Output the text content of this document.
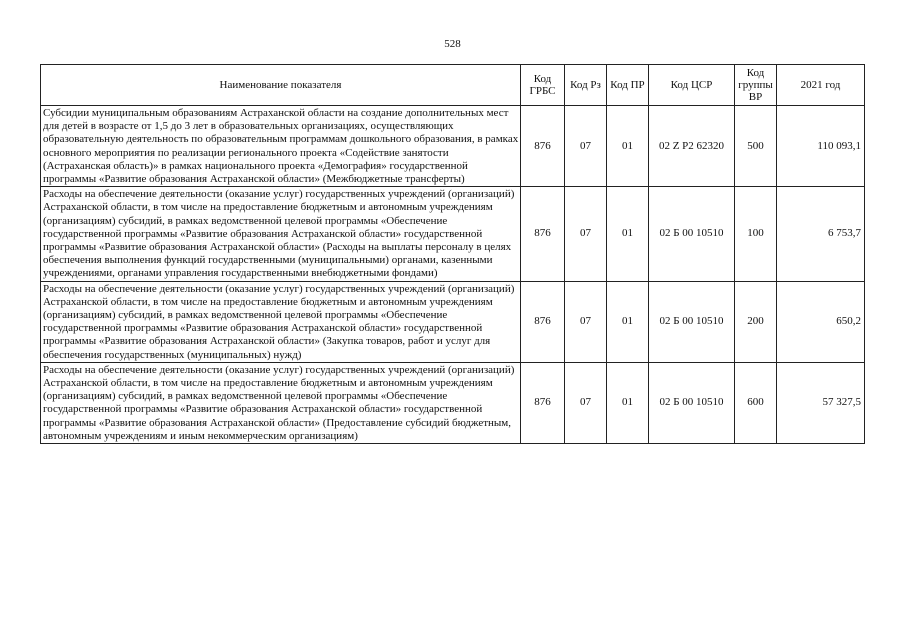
528
Наименование показателя	Код ГРБС	Код Рз	Код ПР	Код ЦСР	Код группы ВР	2021 год
Субсидии муниципальным образованиям Астраханской области на создание дополнительных мест для детей в возрасте от 1,5 до 3 лет в образовательных организациях, осуществляющих образовательную деятельность по образовательным программам дошкольного образования, в рамках основного мероприятия по реализации регионального проекта «Содействие занятости (Астраханская область)» в рамках национального проекта «Демография» государственной программы «Развитие образования Астраханской области» (Межбюджетные трансферты)	876	07	01	02 Z P2 62320	500	110 093,1
Расходы на обеспечение деятельности (оказание услуг) государственных учреждений (организаций) Астраханской области, в том числе на предоставление бюджетным и автономным учреждениям (организациям) субсидий, в рамках ведомственной целевой программы «Обеспечение государственной программы «Развитие образования Астраханской области» государственной программы «Развитие образования Астраханской области» (Расходы на выплаты персоналу в целях обеспечения выполнения функций государственными (муниципальными) органами, казенными учреждениями, органами управления государственными внебюджетными фондами)	876	07	01	02 Б 00 10510	100	6 753,7
Расходы на обеспечение деятельности (оказание услуг) государственных учреждений (организаций) Астраханской области, в том числе на предоставление бюджетным и автономным учреждениям (организациям) субсидий, в рамках ведомственной целевой программы «Обеспечение государственной программы «Развитие образования Астраханской области» государственной программы «Развитие образования Астраханской области» (Закупка товаров, работ и услуг для обеспечения государственных (муниципальных) нужд)	876	07	01	02 Б 00 10510	200	650,2
Расходы на обеспечение деятельности (оказание услуг) государственных учреждений (организаций) Астраханской области, в том числе на предоставление бюджетным и автономным учреждениям (организациям) субсидий, в рамках ведомственной целевой программы «Обеспечение государственной программы «Развитие образования Астраханской области» государственной программы «Развитие образования Астраханской области» (Предоставление субсидий бюджетным, автономным учреждениям и иным некоммерческим организациям)	876	07	01	02 Б 00 10510	600	57 327,5
